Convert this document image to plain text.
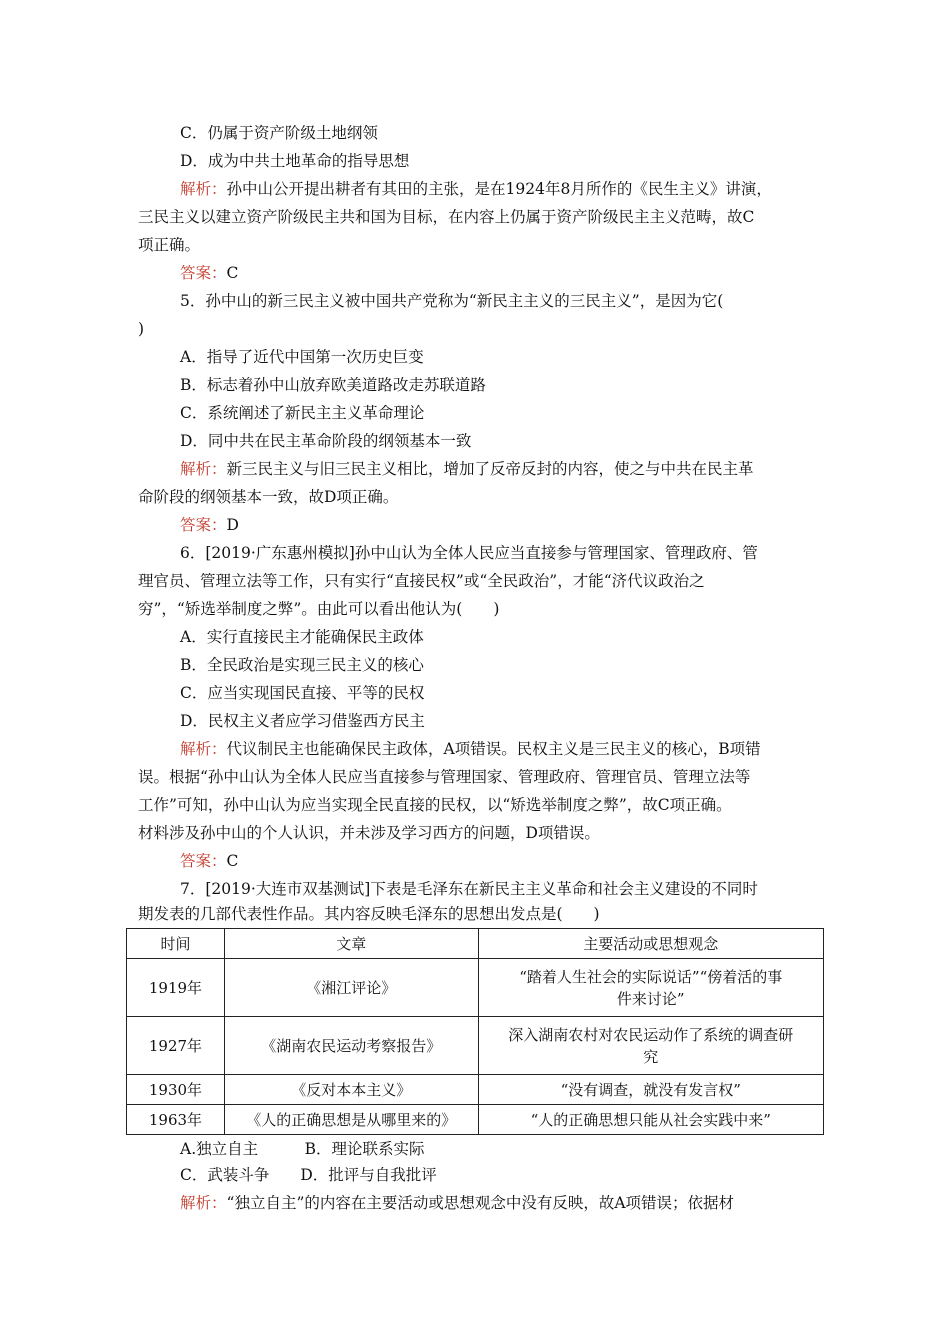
C．仍属于资产阶级土地纲领
D．成为中共土地革命的指导思想
解析：孙中山公开提出耕者有其田的主张，是在1924年8月所作的《民生主义》讲演，
三民主义以建立资产阶级民主共和国为目标，在内容上仍属于资产阶级民主主义范畴，故C
项正确。
答案：C
5．孙中山的新三民主义被中国共产党称为“新民主主义的三民主义”，是因为它(
)
A．指导了近代中国第一次历史巨变
B．标志着孙中山放弃欧美道路改走苏联道路
C．系统阐述了新民主主义革命理论
D．同中共在民主革命阶段的纲领基本一致
解析：新三民主义与旧三民主义相比，增加了反帝反封的内容，使之与中共在民主革
命阶段的纲领基本一致，故D项正确。
答案：D
6．[2019·广东惠州模拟]孙中山认为全体人民应当直接参与管理国家、管理政府、管
理官员、管理立法等工作，只有实行“直接民权”或“全民政治”，才能“济代议政治之
穷”，“矫选举制度之弊”。由此可以看出他认为(　　)
A．实行直接民主才能确保民主政体
B．全民政治是实现三民主义的核心
C．应当实现国民直接、平等的民权
D．民权主义者应学习借鉴西方民主
解析：代议制民主也能确保民主政体，A项错误。民权主义是三民主义的核心，B项错
误。根据“孙中山认为全体人民应当直接参与管理国家、管理政府、管理官员、管理立法等
工作”可知，孙中山认为应当实现全民直接的民权，以“矫选举制度之弊”，故C项正确。
材料涉及孙中山的个人认识，并未涉及学习西方的问题，D项错误。
答案：C
7．[2019·大连市双基测试]下表是毛泽东在新民主主义革命和社会主义建设的不同时
期发表的几部代表性作品。其内容反映毛泽东的思想出发点是(　　)
时间	文章	主要活动或思想观念
1919年	《湘江评论》	“踏着人生社会的实际说话”“傍着活的事
件来讨论”

1927年	《湖南农民运动考察报告》	深入湖南农村对农民运动作了系统的调查研
究

1930年	《反对本本主义》	“没有调查，就没有发言权”
1963年	《人的正确思想是从哪里来的》	“人的正确思想只能从社会实践中来”
A.独立自主　　　B．理论联系实际
C．武装斗争　　D．批评与自我批评
解析：“独立自主”的内容在主要活动或思想观念中没有反映，故A项错误；依据材
